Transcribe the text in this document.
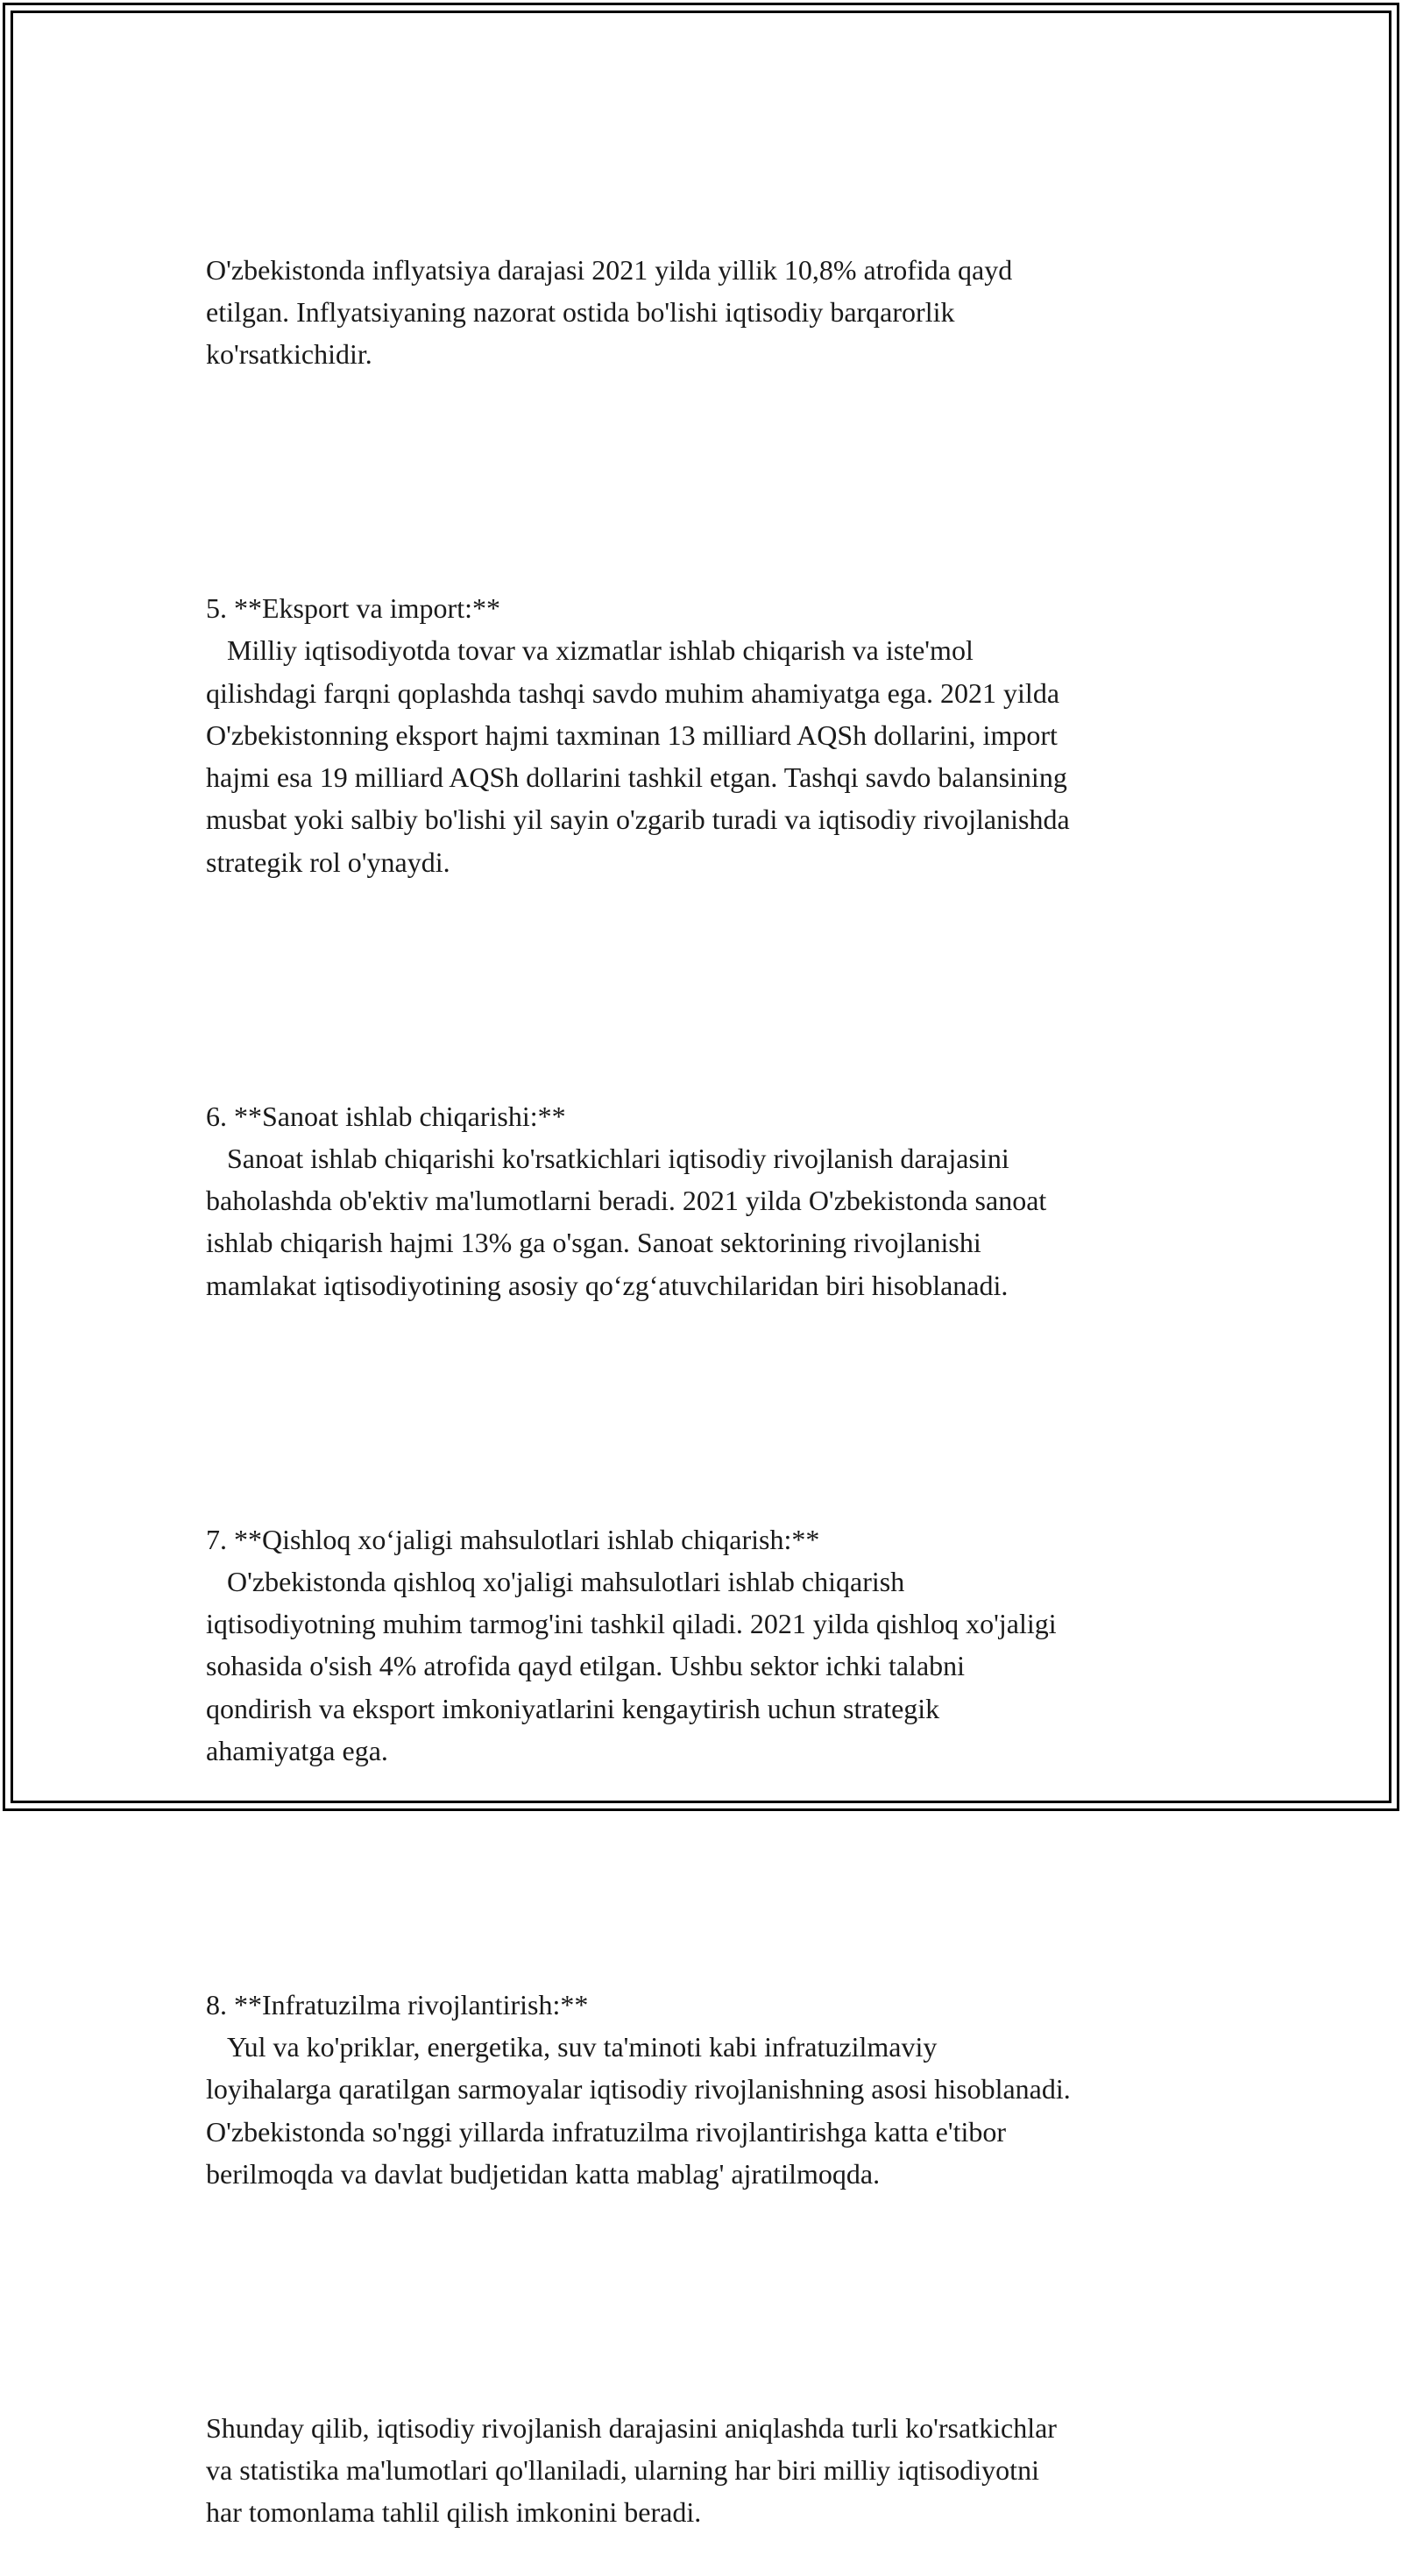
O'zbekistonda inflyatsiya darajasi 2021 yilda yillik 10,8% atrofida qayd
etilgan. Inflyatsiyaning nazorat ostida bo'lishi iqtisodiy barqarorlik
ko'rsatkichidir.

5. **Eksport va import:**
Milliy iqtisodiyotda tovar va xizmatlar ishlab chiqarish va iste'mol
qilishdagi farqni qoplashda tashqi savdo muhim ahamiyatga ega. 2021 yilda
O'zbekistonning eksport hajmi taxminan 13 milliard AQSh dollarini, import
hajmi esa 19 milliard AQSh dollarini tashkil etgan. Tashqi savdo balansining
musbat yoki salbiy bo'lishi yil sayin o'zgarib turadi va iqtisodiy rivojlanishda
strategik rol o'ynaydi.

6. **Sanoat ishlab chiqarishi:**
Sanoat ishlab chiqarishi ko'rsatkichlari iqtisodiy rivojlanish darajasini
baholashda ob'ektiv ma'lumotlarni beradi. 2021 yilda O'zbekistonda sanoat
ishlab chiqarish hajmi 13% ga o'sgan. Sanoat sektorining rivojlanishi
mamlakat iqtisodiyotining asosiy qo‘zg‘atuvchilaridan biri hisoblanadi.

7. **Qishloq xo‘jaligi mahsulotlari ishlab chiqarish:**
O'zbekistonda qishloq xo'jaligi mahsulotlari ishlab chiqarish
iqtisodiyotning muhim tarmog'ini tashkil qiladi. 2021 yilda qishloq xo'jaligi
sohasida o'sish 4% atrofida qayd etilgan. Ushbu sektor ichki talabni
qondirish va eksport imkoniyatlarini kengaytirish uchun strategik
ahamiyatga ega.

8. **Infratuzilma rivojlantirish:**
Yul va ko'priklar, energetika, suv ta'minoti kabi infratuzilmaviy
loyihalarga qaratilgan sarmoyalar iqtisodiy rivojlanishning asosi hisoblanadi.
O'zbekistonda so'nggi yillarda infratuzilma rivojlantirishga katta e'tibor
berilmoqda va davlat budjetidan katta mablag' ajratilmoqda.

Shunday qilib, iqtisodiy rivojlanish darajasini aniqlashda turli ko'rsatkichlar
va statistika ma'lumotlari qo'llaniladi, ularning har biri milliy iqtisodiyotni
har tomonlama tahlil qilish imkonini beradi.
